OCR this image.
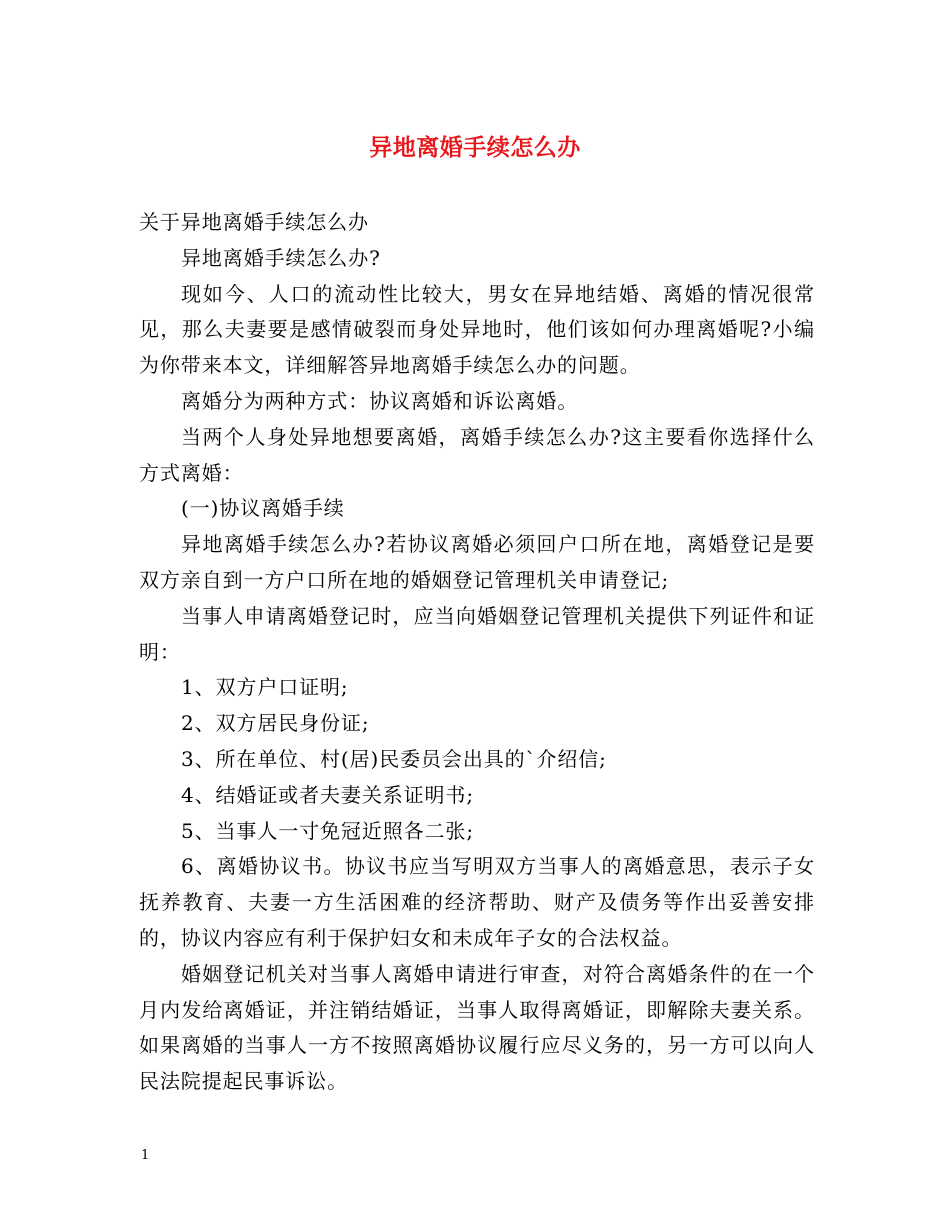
异地离婚手续怎么办

关于异地离婚手续怎么办

异地离婚手续怎么办?

现如今、人口的流动性比较大，男女在异地结婚、离婚的情况很常见，那么夫妻要是感情破裂而身处异地时，他们该如何办理离婚呢?小编为你带来本文，详细解答异地离婚手续怎么办的问题。

离婚分为两种方式：协议离婚和诉讼离婚。

当两个人身处异地想要离婚，离婚手续怎么办?这主要看你选择什么方式离婚：

(一)协议离婚手续

异地离婚手续怎么办?若协议离婚必须回户口所在地，离婚登记是要双方亲自到一方户口所在地的婚姻登记管理机关申请登记;

当事人申请离婚登记时，应当向婚姻登记管理机关提供下列证件和证明：

1、双方户口证明;

2、双方居民身份证;

3、所在单位、村(居)民委员会出具的`介绍信;

4、结婚证或者夫妻关系证明书;

5、当事人一寸免冠近照各二张;

6、离婚协议书。协议书应当写明双方当事人的离婚意思，表示子女抚养教育、夫妻一方生活困难的经济帮助、财产及债务等作出妥善安排的，协议内容应有利于保护妇女和未成年子女的合法权益。

婚姻登记机关对当事人离婚申请进行审查，对符合离婚条件的在一个月内发给离婚证，并注销结婚证，当事人取得离婚证，即解除夫妻关系。如果离婚的当事人一方不按照离婚协议履行应尽义务的，另一方可以向人民法院提起民事诉讼。

1
